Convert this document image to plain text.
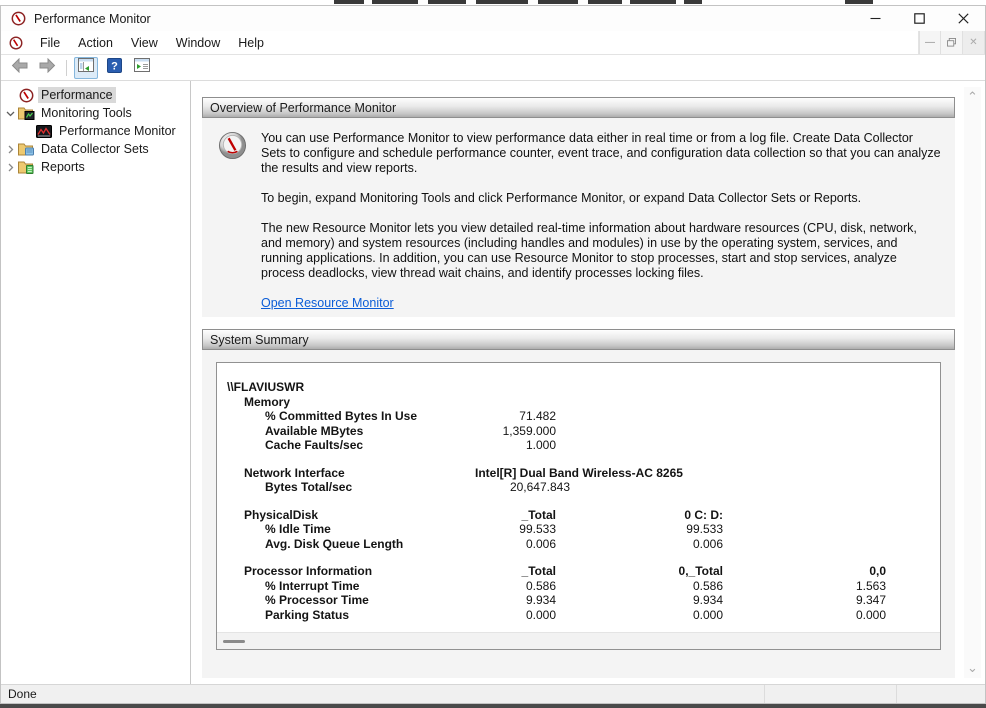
Performance Monitor
File Action View Window Help	—	✕
?
Performance
Monitoring Tools
Performance Monitor
Data Collector Sets
Reports
Overview of Performance Monitor

You can use Performance Monitor to view performance data either in real time or from a log file. Create Data Collector Sets to configure and schedule performance counter, event trace, and configuration data collection so that you can analyze the results and view reports.

To begin, expand Monitoring Tools and click Performance Monitor, or expand Data Collector Sets or Reports.

The new Resource Monitor lets you view detailed real-time information about hardware resources (CPU, disk, network, and memory) and system resources (including handles and modules) in use by the operating system, services, and running applications. In addition, you can use Resource Monitor to stop processes, start and stop services, analyze process deadlocks, view thread wait chains, and identify processes locking files.

Open Resource Monitor
System Summary
\\FLAVIUSWR
Memory
% Committed Bytes In Use	71.482
Available MBytes	1,359.000
Cache Faults/sec	1.000
Network Interface	Intel[R] Dual Band Wireless-AC 8265
Bytes Total/sec	20,647.843
PhysicalDisk	_Total	0 C: D:
% Idle Time	99.533	99.533
Avg. Disk Queue Length	0.006	0.006
Processor Information	_Total	0,_Total	0,0
% Interrupt Time	0.586	0.586	1.563
% Processor Time	9.934	9.934	9.347
Parking Status	0.000	0.000	0.000
⌃
⌄
Done
